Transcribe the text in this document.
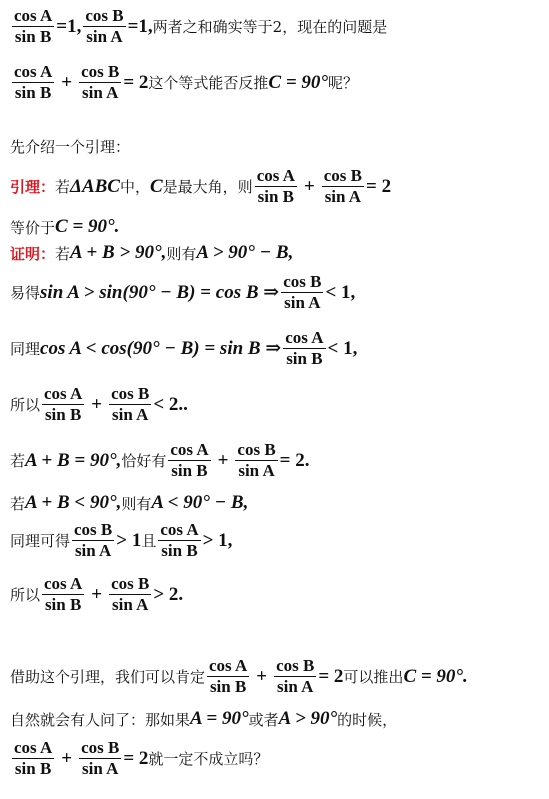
$\frac{\text{cos A}}{\text{sin B}} =1$, $\frac{\text{cos B}}{\text{sin A}} =1$, 两者之和确实等于2，现在的问题是
$\frac{\text{cos A}}{\text{sin B}} + \frac{\text{cos B}}{\text{sin A}} = 2$ 这个等式能否反推 C = 90° 呢？
先介绍一个引理：
引理： 若 ΔABC 中， C 是最大角，则 $\frac{\text{cos A}}{\text{sin B}} + \frac{\text{cos B}}{\text{sin A}} = 2$
等价于 C = 90°.
证明： 若 A + B > 90°, 则有 A > 90° − B,
易得 sin A > sin(90° − B) = cos B ⇒ $\frac{\text{cos B}}{\text{sin A}} < 1$,
同理 cos A < cos(90° − B) = sin B ⇒ $\frac{\text{cos A}}{\text{sin B}} < 1$,
所以 $\frac{\text{cos A}}{\text{sin B}} + \frac{\text{cos B}}{\text{sin A}} < 2$. .
若 A + B = 90°, 恰好有 $\frac{\text{cos A}}{\text{sin B}} + \frac{\text{cos B}}{\text{sin A}} = 2$.
若 A + B < 90°, 则有 A < 90° − B,
同理可得 $\frac{\text{cos B}}{\text{sin A}} > 1$ 且 $\frac{\text{cos A}}{\text{sin B}} > 1$,
所以 $\frac{\text{cos A}}{\text{sin B}} + \frac{\text{cos B}}{\text{sin A}} > 2$.
借助这个引理，我们可以肯定 $\frac{\text{cos A}}{\text{sin B}} + \frac{\text{cos B}}{\text{sin A}} = 2$ 可以推出 C = 90°.
自然就会有人问了：那如果 A = 90° 或者 A > 90° 的时候，
$\frac{\text{cos A}}{\text{sin B}} + \frac{\text{cos B}}{\text{sin A}} = 2$ 就一定不成立吗？
